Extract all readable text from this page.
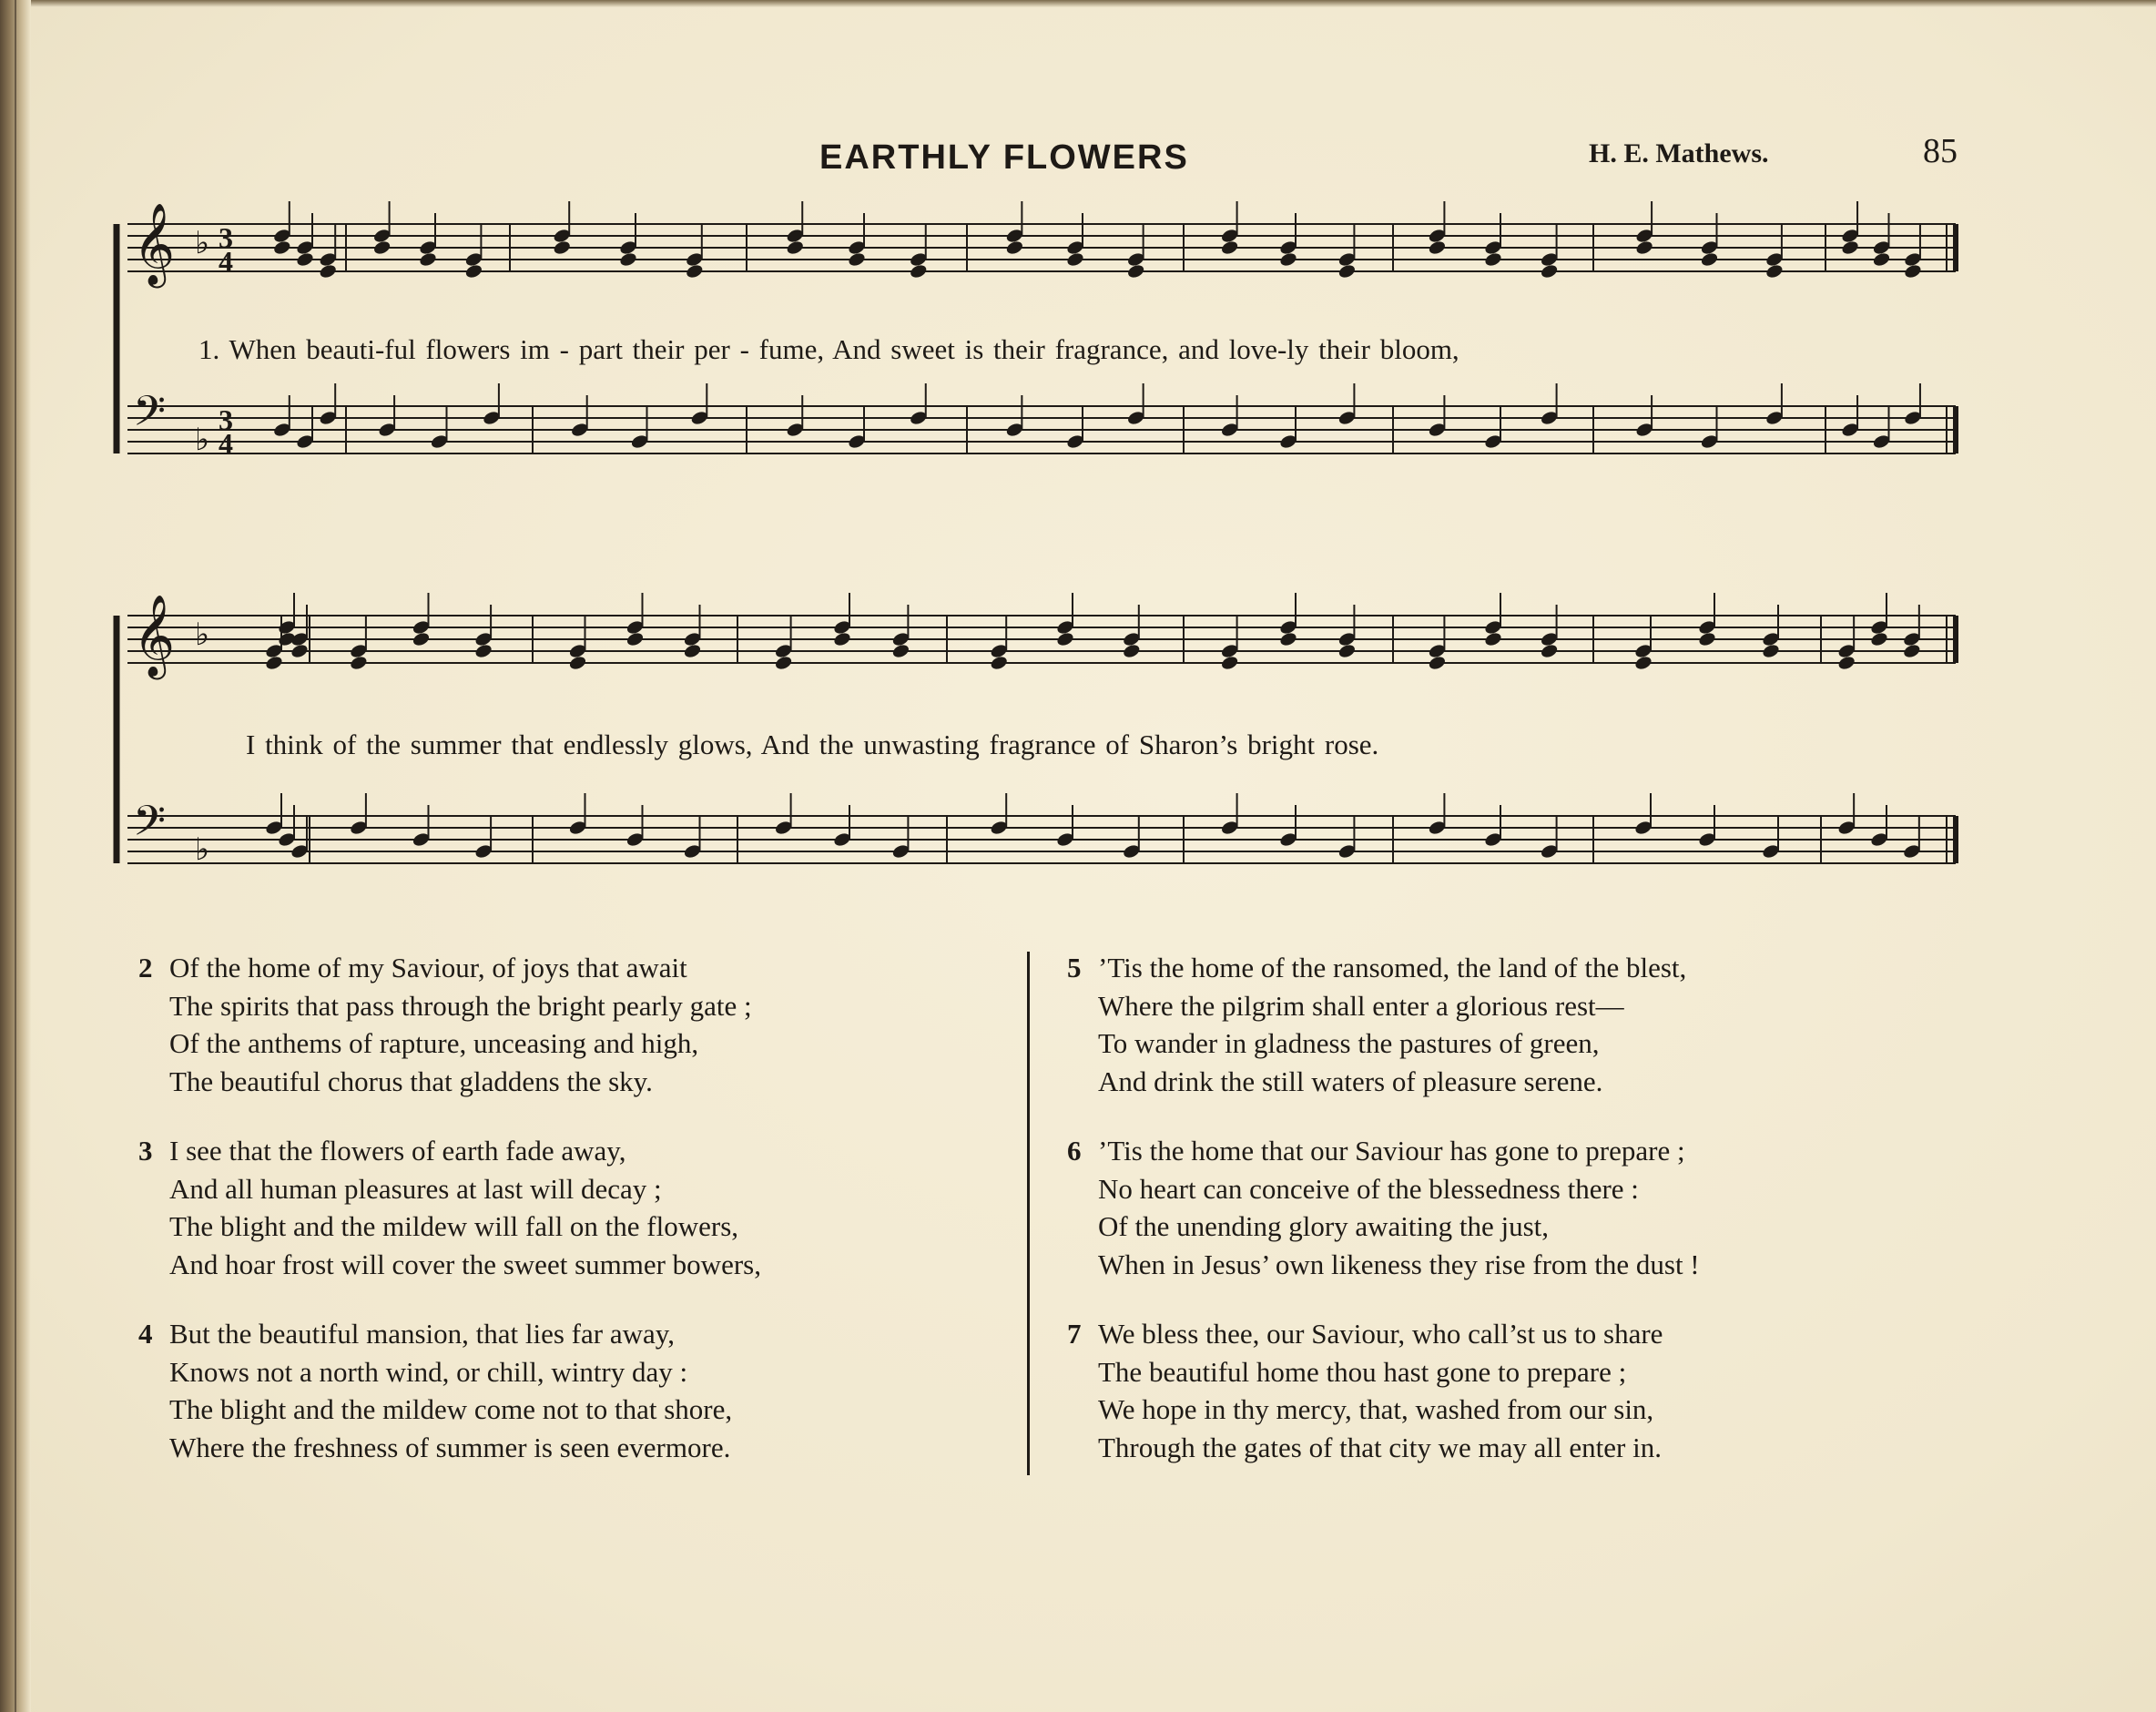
EARTHLY FLOWERS	H. E. Mathews.	85
𝄞 ♭ 3
4
𝄢 ♭
3
4
𝄞 ♭
𝄢 ♭
1. When beauti-ful flowers im - part their per - fume, And sweet is their fragrance, and love-ly their bloom,
I think of the summer that endlessly glows, And the unwasting fragrance of Sharon’s bright rose.
2 Of the home of my Saviour, of joys that await
The spirits that pass through the bright pearly gate ;
Of the anthems of rapture, unceasing and high,
The beautiful chorus that gladdens the sky.
3 I see that the flowers of earth fade away,
And all human pleasures at last will decay ;
The blight and the mildew will fall on the flowers,
And hoar frost will cover the sweet summer bowers,
4 But the beautiful mansion, that lies far away,
Knows not a north wind, or chill, wintry day :
The blight and the mildew come not to that shore,
Where the freshness of summer is seen evermore.
5 ’Tis the home of the ransomed, the land of the blest,
Where the pilgrim shall enter a glorious rest—
To wander in gladness the pastures of green,
And drink the still waters of pleasure serene.
6 ’Tis the home that our Saviour has gone to prepare ;
No heart can conceive of the blessedness there :
Of the unending glory awaiting the just,
When in Jesus’ own likeness they rise from the dust !
7 We bless thee, our Saviour, who call’st us to share
The beautiful home thou hast gone to prepare ;
We hope in thy mercy, that, washed from our sin,
Through the gates of that city we may all enter in.
